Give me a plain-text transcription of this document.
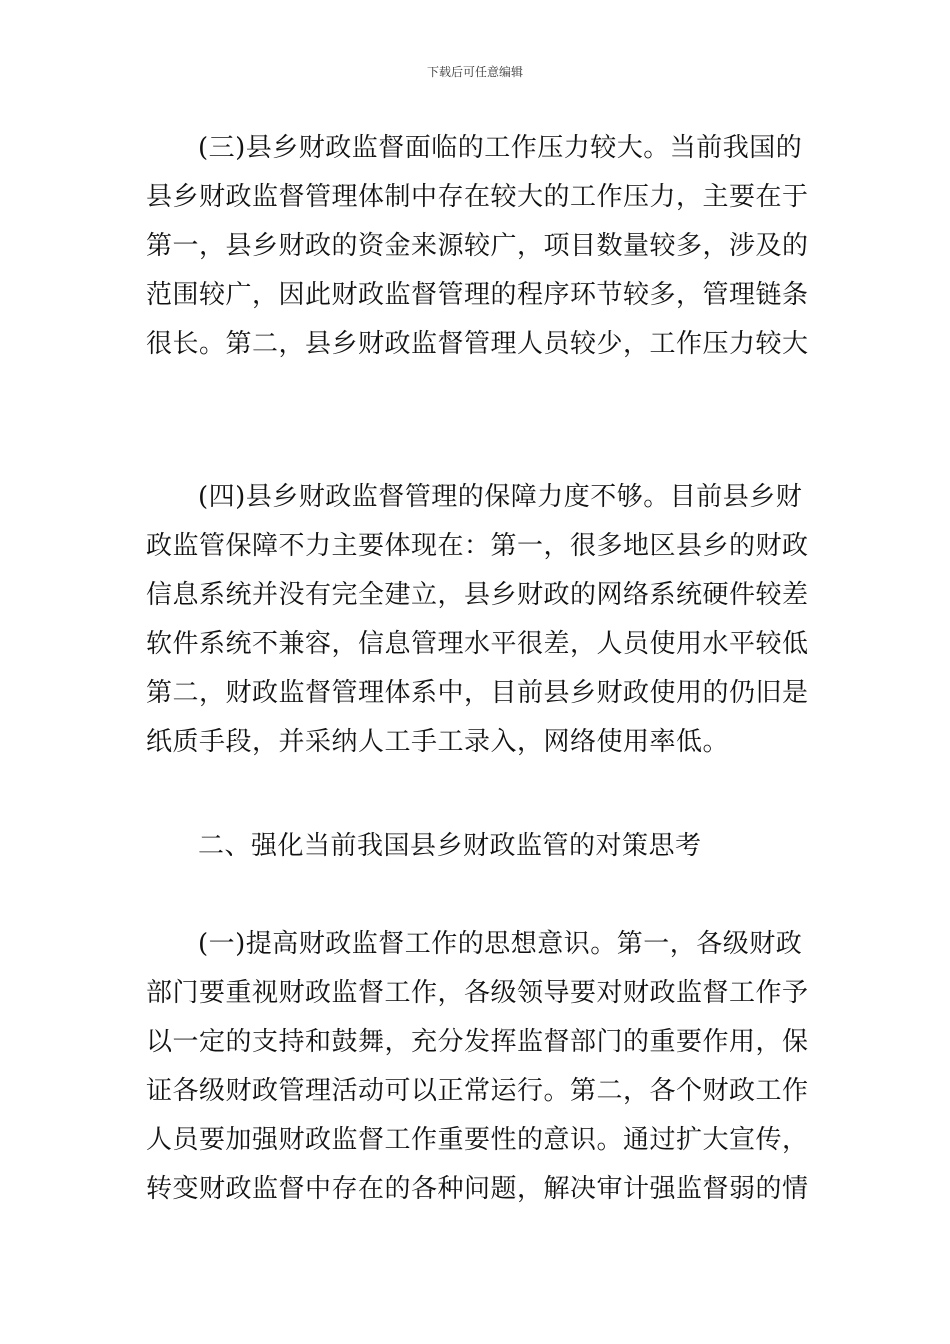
下载后可任意编辑
(三)县乡财政监督面临的工作压力较大。当前我国的
县乡财政监督管理体制中存在较大的工作压力，主要在于
第一，县乡财政的资金来源较广，项目数量较多，涉及的
范围较广，因此财政监督管理的程序环节较多，管理链条
很长。第二，县乡财政监督管理人员较少，工作压力较大
(四)县乡财政监督管理的保障力度不够。目前县乡财
政监管保障不力主要体现在：第一，很多地区县乡的财政
信息系统并没有完全建立，县乡财政的网络系统硬件较差
软件系统不兼容，信息管理水平很差，人员使用水平较低
第二，财政监督管理体系中，目前县乡财政使用的仍旧是
纸质手段，并采纳人工手工录入，网络使用率低。
二、强化当前我国县乡财政监管的对策思考
(一)提高财政监督工作的思想意识。第一，各级财政
部门要重视财政监督工作，各级领导要对财政监督工作予
以一定的支持和鼓舞，充分发挥监督部门的重要作用，保
证各级财政管理活动可以正常运行。第二，各个财政工作
人员要加强财政监督工作重要性的意识。通过扩大宣传，
转变财政监督中存在的各种问题，解决审计强监督弱的情
